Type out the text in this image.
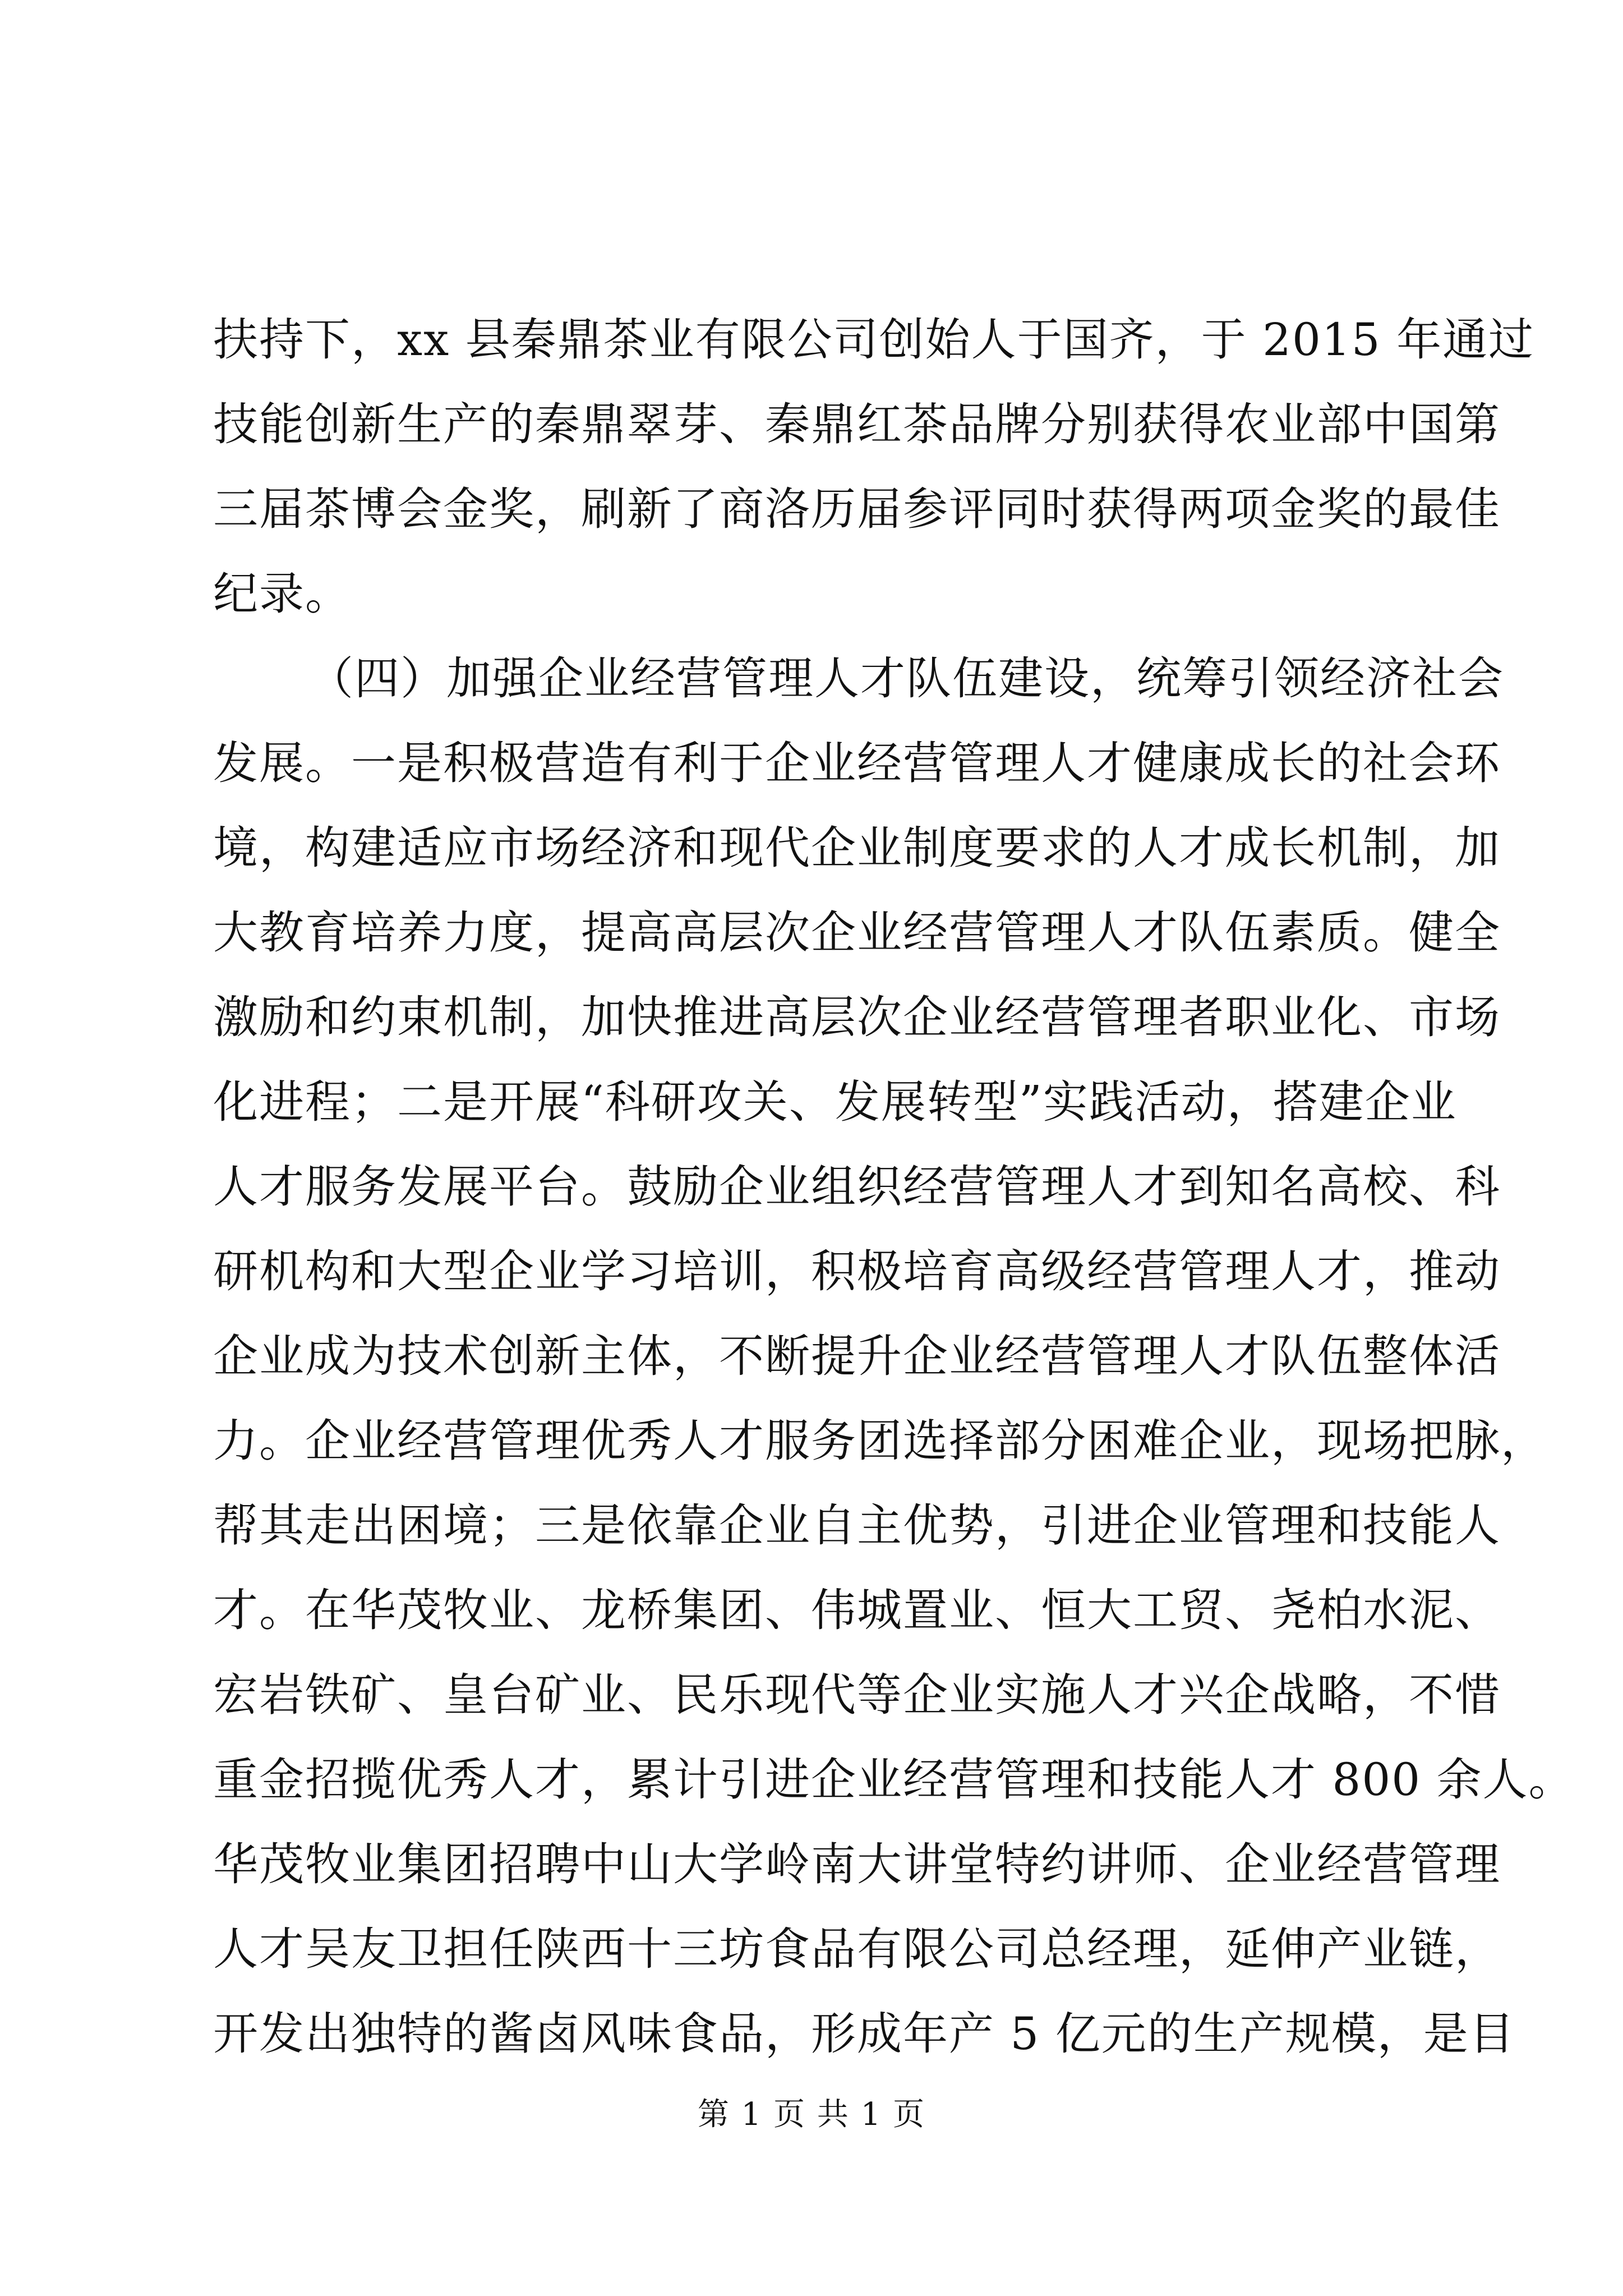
扶持下，xx 县秦鼎茶业有限公司创始人于国齐，于 2015 年通过
技能创新生产的秦鼎翠芽、秦鼎红茶品牌分别获得农业部中国第
三届茶博会金奖，刷新了商洛历届参评同时获得两项金奖的最佳
纪录。
（四）加强企业经营管理人才队伍建设，统筹引领经济社会
发展。一是积极营造有利于企业经营管理人才健康成长的社会环
境，构建适应市场经济和现代企业制度要求的人才成长机制，加
大教育培养力度，提高高层次企业经营管理人才队伍素质。健全
激励和约束机制，加快推进高层次企业经营管理者职业化、市场
化进程；二是开展“科研攻关、发展转型”实践活动，搭建企业
人才服务发展平台。鼓励企业组织经营管理人才到知名高校、科
研机构和大型企业学习培训，积极培育高级经营管理人才，推动
企业成为技术创新主体，不断提升企业经营管理人才队伍整体活
力。企业经营管理优秀人才服务团选择部分困难企业，现场把脉，
帮其走出困境；三是依靠企业自主优势，引进企业管理和技能人
才。在华茂牧业、龙桥集团、伟城置业、恒大工贸、尧柏水泥、
宏岩铁矿、皇台矿业、民乐现代等企业实施人才兴企战略，不惜
重金招揽优秀人才，累计引进企业经营管理和技能人才 800 余人。
华茂牧业集团招聘中山大学岭南大讲堂特约讲师、企业经营管理
人才吴友卫担任陕西十三坊食品有限公司总经理，延伸产业链，
开发出独特的酱卤风味食品，形成年产 5 亿元的生产规模，是目
第 1 页 共 1 页
